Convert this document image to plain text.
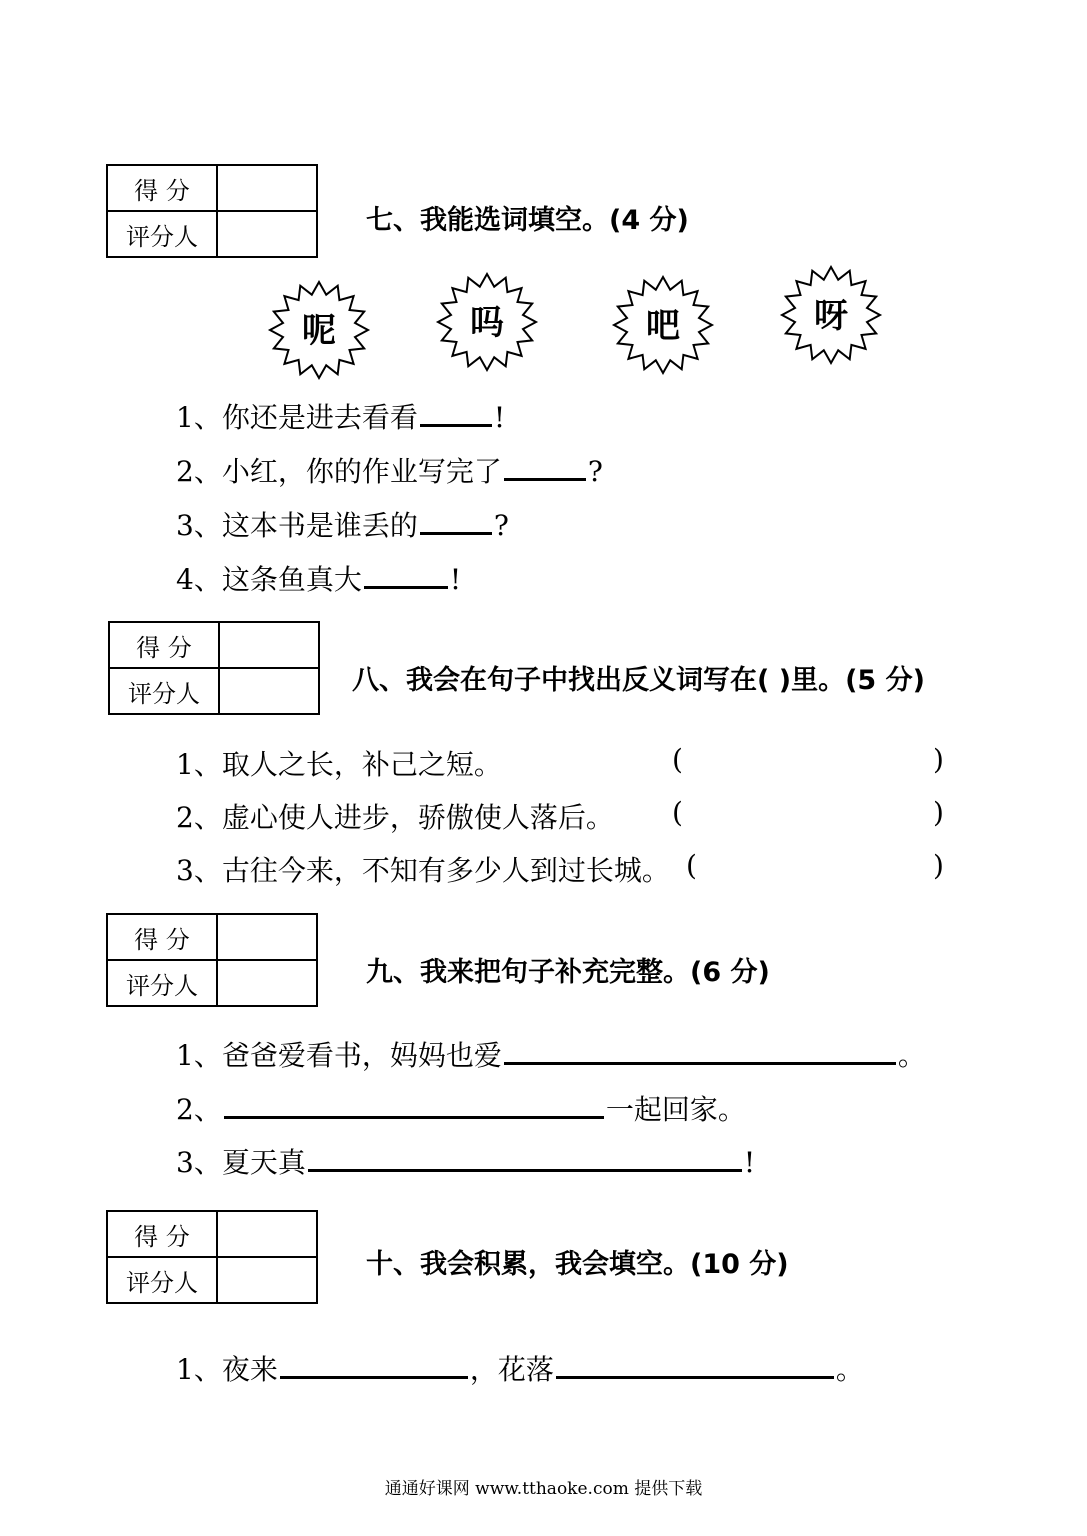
得 分	
评分人	
七、我能选词填空。(4 分)
呢	吗	吧	呀
1、你还是进去看看	!
2、小红，你的作业写完了	?
3、这本书是谁丢的	?
4、这条鱼真大	!
得 分	
评分人		八、我会在句子中找出反义词写在( )里。(5 分)
1、取人之长，补己之短。	(	)
2、虚心使人进步，骄傲使人落后。 (	)
3、古往今来，不知有多少人到过长城。 (	)
得 分	
评分人		九、我来把句子补充完整。(6 分)
1、爸爸爱看书，妈妈也爱	。
2、	一起回家。
3、夏天真	!
得 分	
评分人	
十、我会积累，我会填空。(10 分)
1、夜来	，花落	。
通通好课网 www.tthaoke.com 提供下载
